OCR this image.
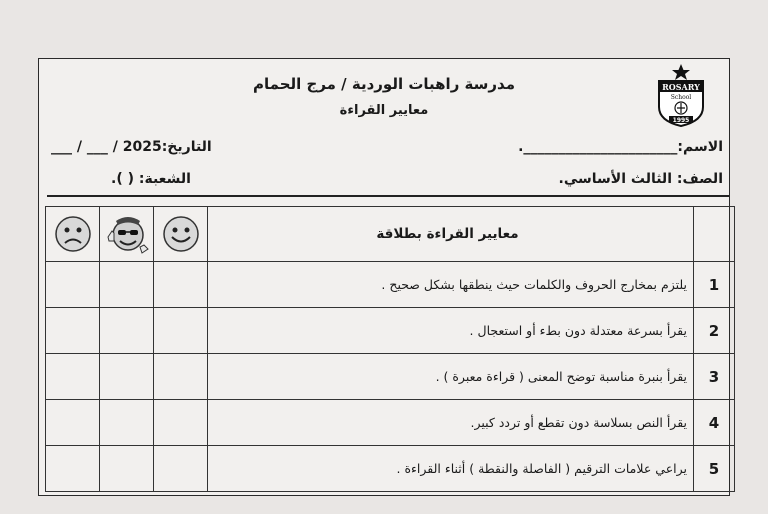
ROSARY
School
1995
مدرسة راهبات الوردية / مرج الحمام
معايير القراءة
الاسم:______________________.
التاريخ:___ / ___ / 2025
الصف: الثالث الأساسي.
الشعبة: ( ).
	معايير القراءة بطلاقة	

1	يلتزم بمخارج الحروف والكلمات حيث ينطقها بشكل صحيح .			
2	يقرأ بسرعة معتدلة دون بطء أو استعجال .			
3	يقرأ بنبرة مناسبة توضح المعنى ( قراءة معبرة ) .			
4	يقرأ النص بسلاسة دون تقطع أو تردد كبير.			
5	يراعي علامات الترقيم ( الفاصلة والنقطة ) أثناء القراءة .			
